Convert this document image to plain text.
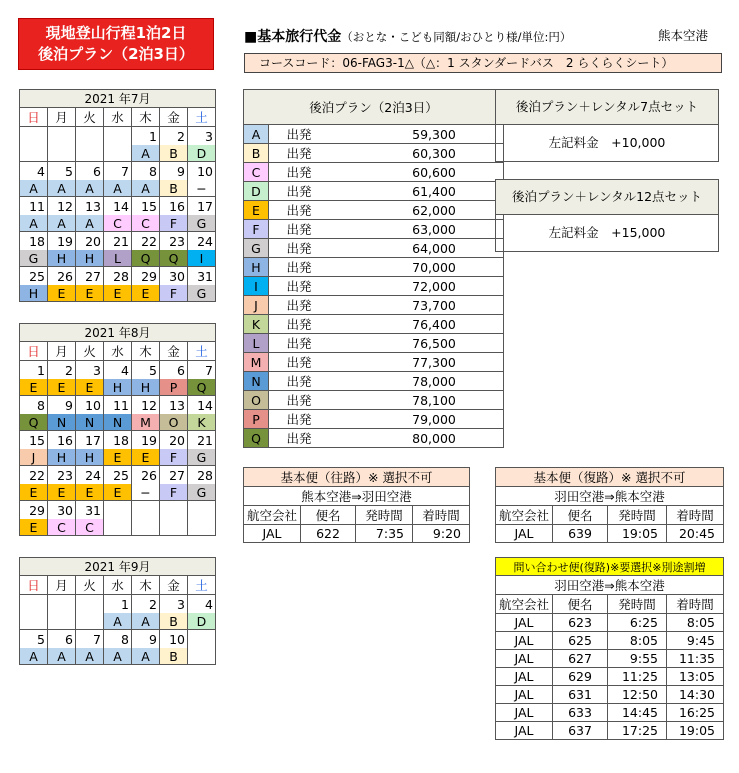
現地登山行程1泊2日
後泊プラン（2泊3日）
■基本旅行代金（おとな・こども同額/おひとり様/単位:円）	熊本空港
コースコード：06-FAG3-1△（△：1 スタンダードバス　2 らくらくシート）
2021 年7月						
日	月	火	水	木	金	土
				1	2	3
				A	B	D
4	5	6	7	8	9	10
A	A	A	A	A	B	−
11	12	13	14	15	16	17
A	A	A	C	C	F	G
18	19	20	21	22	23	24
G	H	H	L	Q	Q	I
25	26	27	28	29	30	31
H	E	E	E	E	F	G
2021 年8月						
日	月	火	水	木	金	土
1	2	3	4	5	6	7
E	E	E	H	H	P	Q
8	9	10	11	12	13	14
Q	N	N	N	M	O	K
15	16	17	18	19	20	21
J	H	H	E	E	F	G
22	23	24	25	26	27	28
E	E	E	E	−	F	G
29	30	31				
E	C	C				
2021 年9月						
日	月	火	水	木	金	土
			1	2	3	4
			A	A	B	D
5	6	7	8	9	10	
A	A	A	A	A	B	
後泊プラン（2泊3日）		
A	出発	59,300
B	出発	60,300
C	出発	60,600
D	出発	61,400
E	出発	62,000
F	出発	63,000
G	出発	64,000
H	出発	70,000
I	出発	72,000
J	出発	73,700
K	出発	76,400
L	出発	76,500
M	出発	77,300
N	出発	78,000
O	出発	78,100
P	出発	79,000
Q	出発	80,000
後泊プラン＋レンタル7点セット
左記料金　+10,000
後泊プラン＋レンタル12点セット
左記料金　+15,000
基本便（往路）※ 選択不可			
熊本空港⇒羽田空港			
航空会社	便名	発時間	着時間
JAL	622	7:35	9:20
基本便（復路）※ 選択不可			
羽田空港⇒熊本空港			
航空会社	便名	発時間	着時間
JAL	639	19:05	20:45
問い合わせ便(復路)※要選択※別途割増			
羽田空港⇒熊本空港			
航空会社	便名	発時間	着時間
JAL	623	6:25	8:05
JAL	625	8:05	9:45
JAL	627	9:55	11:35
JAL	629	11:25	13:05
JAL	631	12:50	14:30
JAL	633	14:45	16:25
JAL	637	17:25	19:05
